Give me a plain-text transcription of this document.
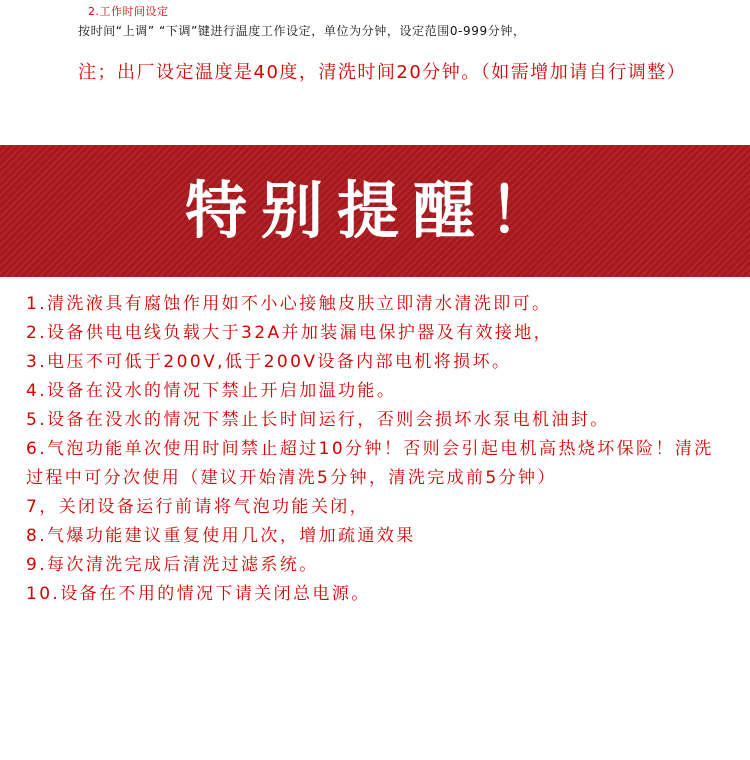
2.工作时间设定
按时间“上调” “下调”键进行温度工作设定，单位为分钟，设定范围0-999分钟，
注；出厂设定温度是40度，清洗时间20分钟。（如需增加请自行调整）
特别提醒！
1.清洗液具有腐蚀作用如不小心接触皮肤立即清水清洗即可。
2.设备供电电线负载大于32A并加装漏电保护器及有效接地，
3.电压不可低于200V,低于200V设备内部电机将损坏。
4.设备在没水的情况下禁止开启加温功能。
5.设备在没水的情况下禁止长时间运行，否则会损坏水泵电机油封。
6.气泡功能单次使用时间禁止超过10分钟！否则会引起电机高热烧坏保险！清洗过程中可分次使用（建议开始清洗5分钟，清洗完成前5分钟）
7，关闭设备运行前请将气泡功能关闭，
8.气爆功能建议重复使用几次，增加疏通效果
9.每次清洗完成后清洗过滤系统。
10.设备在不用的情况下请关闭总电源。
